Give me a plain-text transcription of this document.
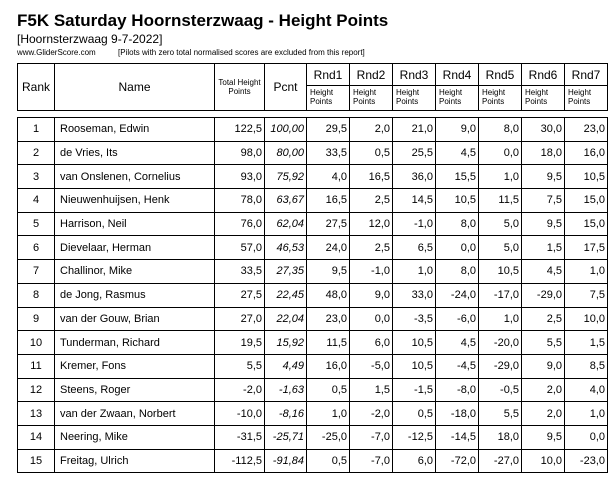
F5K Saturday Hoornsterzwaag - Height Points
[Hoornsterzwaag 9-7-2022]
www.GliderScore.com	[Pilots with zero total normalised scores are excluded from this report]
Rank	Name	Total Height Points	Pcnt	Rnd1	Rnd2	Rnd3	Rnd4	Rnd5	Rnd6	Rnd7
				Height Points	Height Points	Height Points	Height Points	Height Points	Height Points	Height Points

1	Rooseman, Edwin	122,5	100,00	29,5	2,0	21,0	9,0	8,0	30,0	23,0
2	de Vries, Its	98,0	80,00	33,5	0,5	25,5	4,5	0,0	18,0	16,0
3	van Onslenen, Cornelius	93,0	75,92	4,0	16,5	36,0	15,5	1,0	9,5	10,5
4	Nieuwenhuijsen, Henk	78,0	63,67	16,5	2,5	14,5	10,5	11,5	7,5	15,0
5	Harrison, Neil	76,0	62,04	27,5	12,0	-1,0	8,0	5,0	9,5	15,0
6	Dievelaar, Herman	57,0	46,53	24,0	2,5	6,5	0,0	5,0	1,5	17,5
7	Challinor, Mike	33,5	27,35	9,5	-1,0	1,0	8,0	10,5	4,5	1,0
8	de Jong, Rasmus	27,5	22,45	48,0	9,0	33,0	-24,0	-17,0	-29,0	7,5
9	van der Gouw, Brian	27,0	22,04	23,0	0,0	-3,5	-6,0	1,0	2,5	10,0
10	Tunderman, Richard	19,5	15,92	11,5	6,0	10,5	4,5	-20,0	5,5	1,5
11	Kremer, Fons	5,5	4,49	16,0	-5,0	10,5	-4,5	-29,0	9,0	8,5
12	Steens, Roger	-2,0	-1,63	0,5	1,5	-1,5	-8,0	-0,5	2,0	4,0
13	van der Zwaan, Norbert	-10,0	-8,16	1,0	-2,0	0,5	-18,0	5,5	2,0	1,0
14	Neering, Mike	-31,5	-25,71	-25,0	-7,0	-12,5	-14,5	18,0	9,5	0,0
15	Freitag, Ulrich	-112,5	-91,84	0,5	-7,0	6,0	-72,0	-27,0	10,0	-23,0
